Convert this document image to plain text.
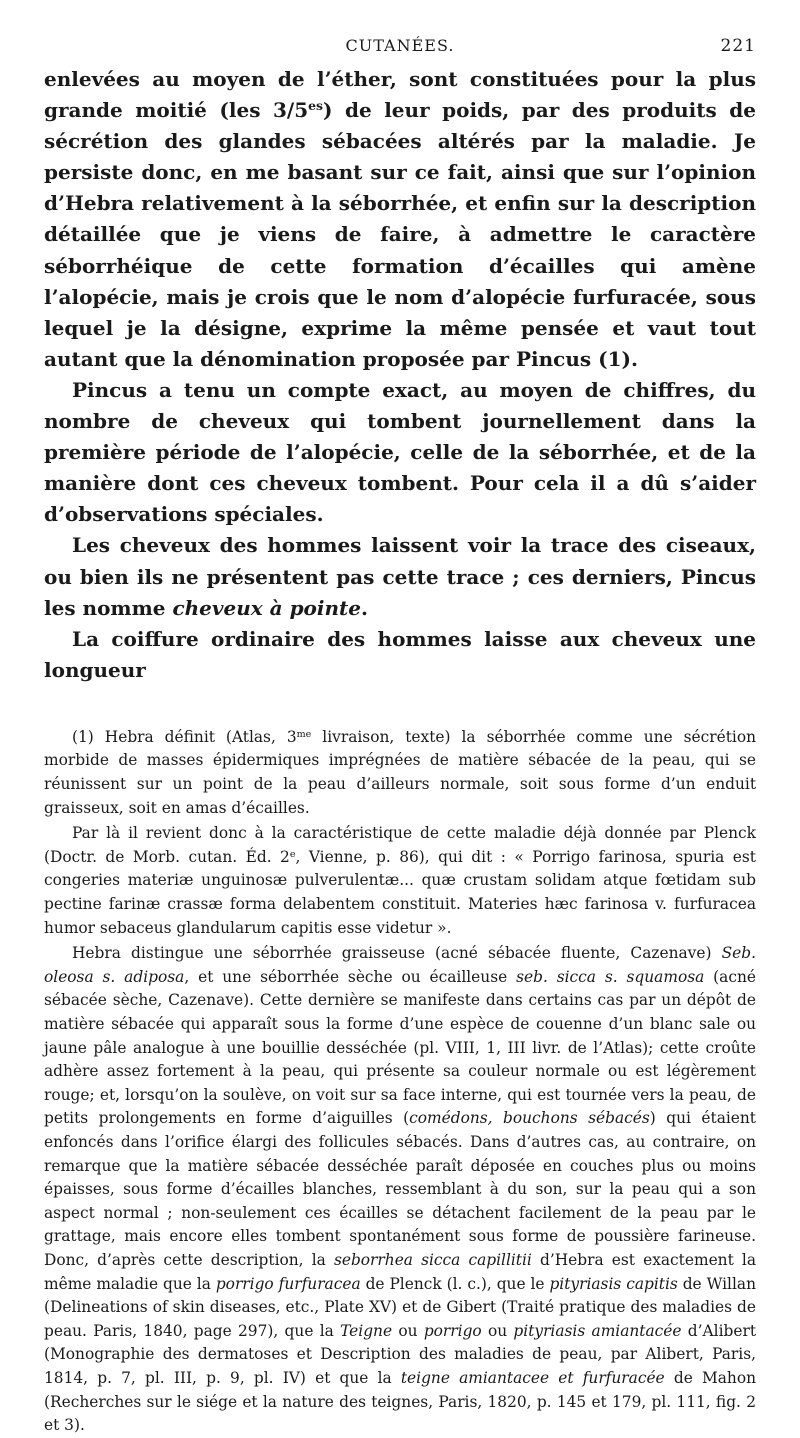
CUTANÉES.	221

enlevées au moyen de l’éther, sont constituées pour la plus grande moitié (les $3/5^{es}$) de leur poids, par des produits de sécrétion des glandes sébacées altérés par la maladie. Je persiste donc, en me basant sur ce fait, ainsi que sur l’opinion d’Hebra relativement à la séborrhée, et enfin sur la description détaillée que je viens de faire, à admettre le caractère séborrhéique de cette formation d’écailles qui amène l’alopécie, mais je crois que le nom d’alopécie furfuracée, sous lequel je la désigne, exprime la même pensée et vaut tout autant que la dénomination proposée par Pincus (1).

Pincus a tenu un compte exact, au moyen de chiffres, du nombre de cheveux qui tombent journellement dans la première période de l’alopécie, celle de la séborrhée, et de la manière dont ces cheveux tombent. Pour cela il a dû s’aider d’observations spéciales.

Les cheveux des hommes laissent voir la trace des ciseaux, ou bien ils ne présentent pas cette trace ; ces derniers, Pincus les nomme cheveux à pointe.

La coiffure ordinaire des hommes laisse aux cheveux une longueur

(1) Hebra définit (Atlas, $3^{me}$ livraison, texte) la séborrhée comme une sécrétion morbide de masses épidermiques imprégnées de matière sébacée de la peau, qui se réunissent sur un point de la peau d’ailleurs normale, soit sous forme d’un enduit graisseux, soit en amas d’écailles.

Par là il revient donc à la caractéristique de cette maladie déjà donnée par Plenck (Doctr. de Morb. cutan. Éd. 2e, Vienne, p. 86), qui dit : « Porrigo farinosa, spuria est congeries materiæ unguinosæ pulverulentæ... quæ crustam solidam atque fœtidam sub pectine farinæ crassæ forma delabentem constituit. Materies hæc farinosa v. furfuracea humor sebaceus glandularum capitis esse videtur ».

Hebra distingue une séborrhée graisseuse (acné sébacée fluente, Cazenave) Seb. oleosa s. adiposa, et une séborrhée sèche ou écailleuse seb. sicca s. squamosa (acné sébacée sèche, Cazenave). Cette dernière se manifeste dans certains cas par un dépôt de matière sébacée qui apparaît sous la forme d’une espèce de couenne d’un blanc sale ou jaune pâle analogue à une bouillie desséchée (pl. VIII, 1, III livr. de l’Atlas); cette croûte adhère assez fortement à la peau, qui présente sa couleur normale ou est légèrement rouge; et, lorsqu’on la soulève, on voit sur sa face interne, qui est tournée vers la peau, de petits prolongements en forme d’aiguilles (comédons, bouchons sébacés) qui étaient enfoncés dans l’orifice élargi des follicules sébacés. Dans d’autres cas, au contraire, on remarque que la matière sébacée desséchée paraît déposée en couches plus ou moins épaisses, sous forme d’écailles blanches, ressemblant à du son, sur la peau qui a son aspect normal ; non-seulement ces écailles se détachent facilement de la peau par le grattage, mais encore elles tombent spontanément sous forme de poussière farineuse. Donc, d’après cette description, la seborrhea sicca capillitii d’Hebra est exactement la même maladie que la porrigo furfuracea de Plenck (l. c.), que le pityriasis capitis de Willan (Delineations of skin diseases, etc., Plate XV) et de Gibert (Traité pratique des maladies de peau. Paris, 1840, page 297), que la Teigne ou porrigo ou pityriasis amiantacée d’Alibert (Monographie des dermatoses et Description des maladies de peau, par Alibert, Paris, 1814, p. 7, pl. III, p. 9, pl. IV) et que la teigne amiantacee et furfuracée de Mahon (Recherches sur le siége et la nature des teignes, Paris, 1820, p. 145 et 179, pl. 111, fig. 2 et 3).
